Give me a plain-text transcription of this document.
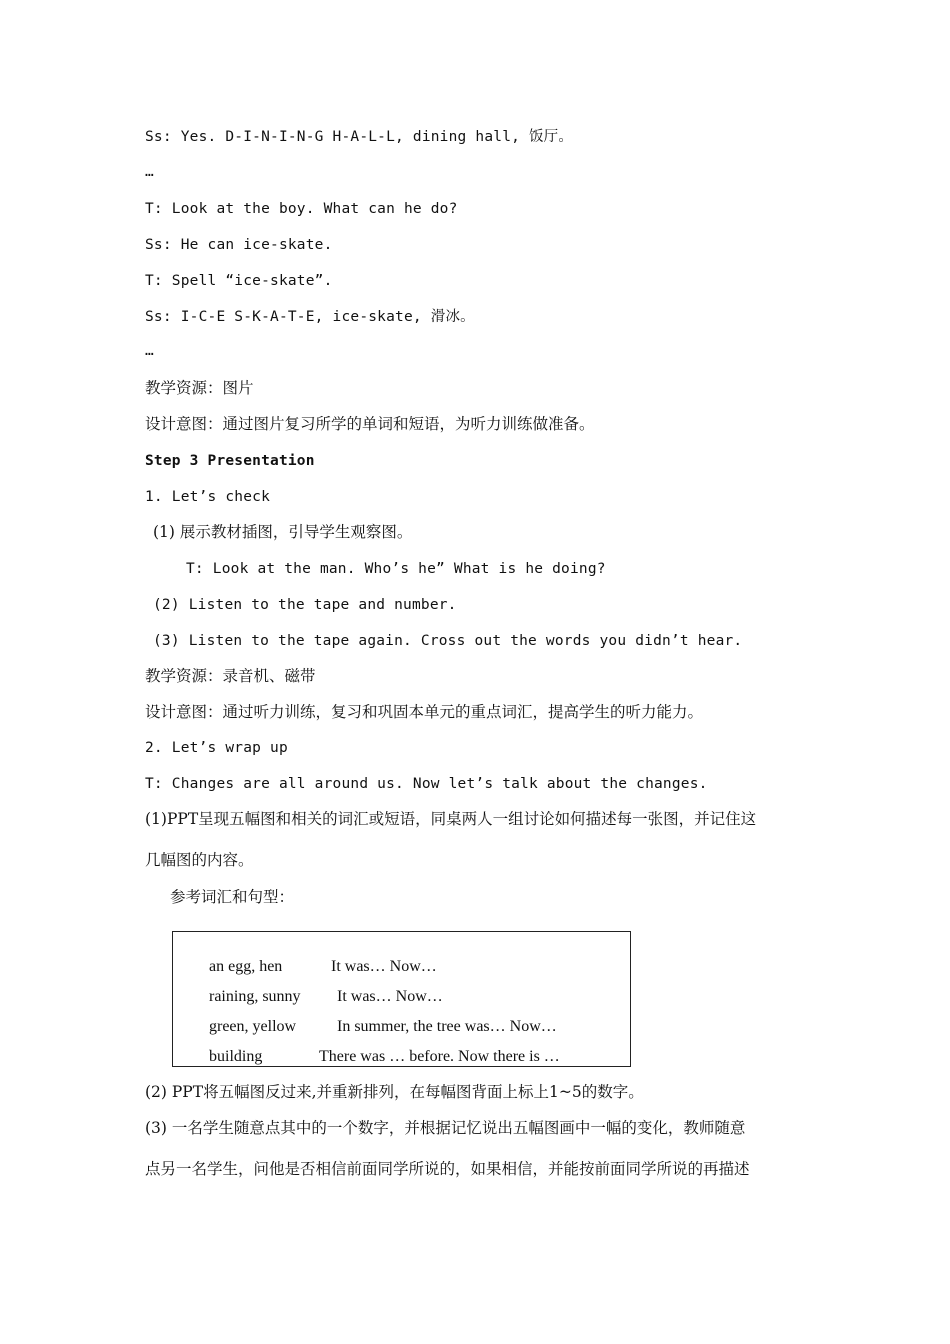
Ss: Yes. D-I-N-I-N-G H-A-L-L, dining hall, 饭厅。
…
T: Look at the boy. What can he do?
Ss: He can ice-skate.
T: Spell “ice-skate”.
Ss: I-C-E S-K-A-T-E, ice-skate, 滑冰。
…
教学资源：图片
设计意图：通过图片复习所学的单词和短语，为听力训练做准备。
Step 3 Presentation
1. Let’s check
(1) 展示教材插图，引导学生观察图。
T: Look at the man. Who’s he” What is he doing?
(2) Listen to the tape and number.
(3) Listen to the tape again. Cross out the words you didn’t hear.
教学资源：录音机、磁带
设计意图：通过听力训练，复习和巩固本单元的重点词汇，提高学生的听力能力。
2. Let’s wrap up
T: Changes are all around us. Now let’s talk about the changes.
(1)PPT呈现五幅图和相关的词汇或短语，同桌两人一组讨论如何描述每一张图，并记住这
几幅图的内容。
参考词汇和句型：

an egg, hen	It was… Now…

raining, sunny It was… Now…

green, yellow	In summer, the tree was… Now…

building	There was … before. Now there is …

(2) PPT将五幅图反过来,并重新排列，在每幅图背面上标上1~5的数字。
(3) 一名学生随意点其中的一个数字，并根据记忆说出五幅图画中一幅的变化，教师随意
点另一名学生，问他是否相信前面同学所说的，如果相信，并能按前面同学所说的再描述
